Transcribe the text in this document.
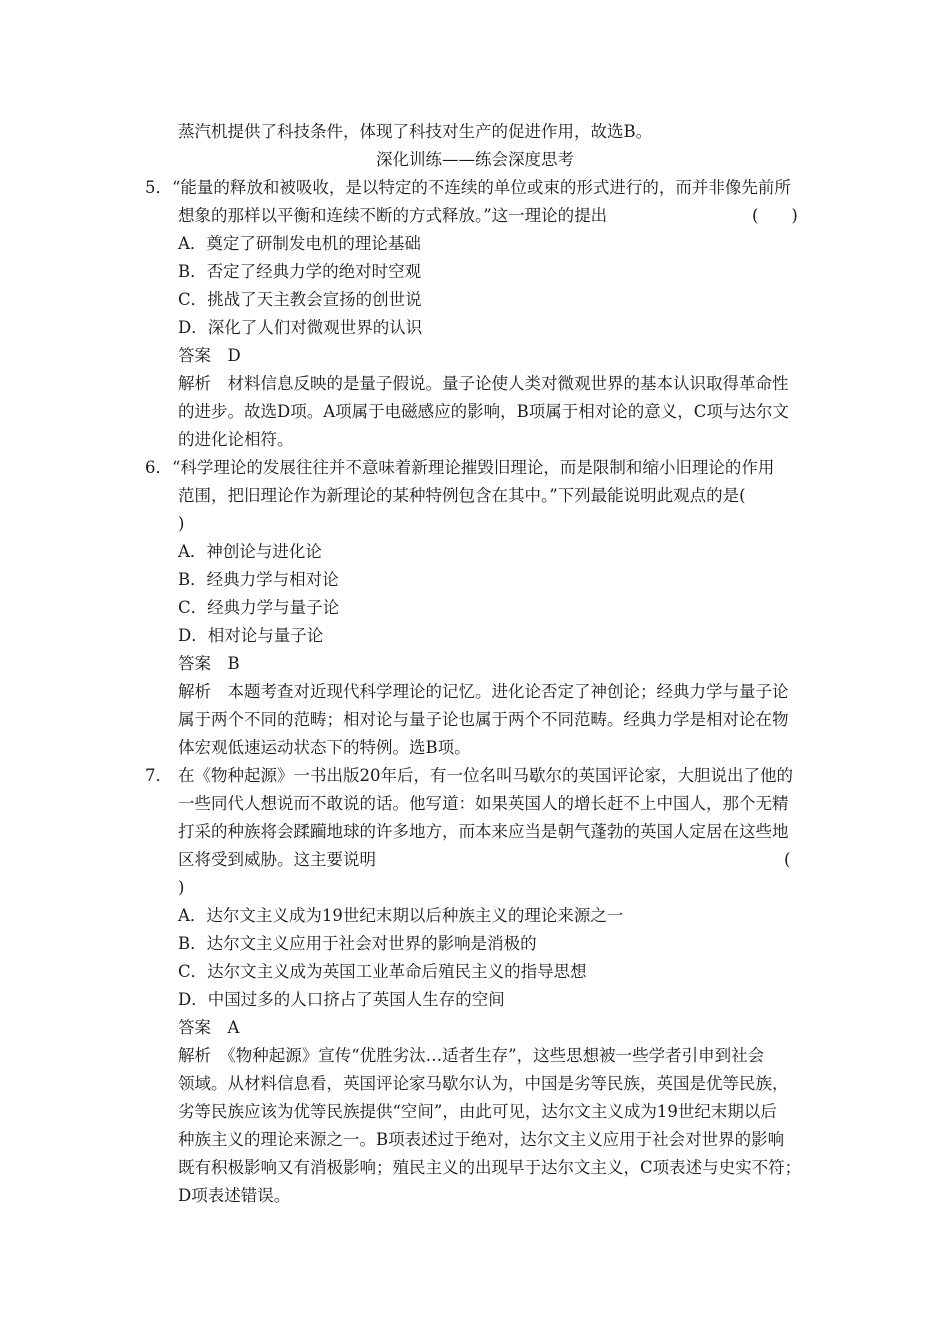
蒸汽机提供了科技条件，体现了科技对生产的促进作用，故选B。
深化训练——练会深度思考
5． “能量的释放和被吸收，是以特定的不连续的单位或束的形式进行的，而并非像先前所
想象的那样以平衡和连续不断的方式释放。”这一理论的提出	(　　)
A．奠定了研制发电机的理论基础
B．否定了经典力学的绝对时空观
C．挑战了天主教会宣扬的创世说
D．深化了人们对微观世界的认识
答案　D
解析　材料信息反映的是量子假说。量子论使人类对微观世界的基本认识取得革命性
的进步。故选D项。A项属于电磁感应的影响，B项属于相对论的意义，C项与达尔文
的进化论相符。
6． “科学理论的发展往往并不意味着新理论摧毁旧理论，而是限制和缩小旧理论的作用
范围，把旧理论作为新理论的某种特例包含在其中。”下列最能说明此观点的是(
)
A．神创论与进化论
B．经典力学与相对论
C．经典力学与量子论
D．相对论与量子论
答案　B
解析　本题考查对近现代科学理论的记忆。进化论否定了神创论；经典力学与量子论
属于两个不同的范畴；相对论与量子论也属于两个不同范畴。经典力学是相对论在物
体宏观低速运动状态下的特例。选B项。
7． 在《物种起源》一书出版20年后，有一位名叫马歇尔的英国评论家，大胆说出了他的
一些同代人想说而不敢说的话。他写道：如果英国人的增长赶不上中国人，那个无精
打采的种族将会蹂躏地球的许多地方，而本来应当是朝气蓬勃的英国人定居在这些地
区将受到威胁。这主要说明	(
)
A．达尔文主义成为19世纪末期以后种族主义的理论来源之一
B．达尔文主义应用于社会对世界的影响是消极的
C．达尔文主义成为英国工业革命后殖民主义的指导思想
D．中国过多的人口挤占了英国人生存的空间
答案　A
解析　《物种起源》宣传“优胜劣汰…适者生存”，这些思想被一些学者引申到社会
领域。从材料信息看，英国评论家马歇尔认为，中国是劣等民族，英国是优等民族，
劣等民族应该为优等民族提供“空间”，由此可见，达尔文主义成为19世纪末期以后
种族主义的理论来源之一。B项表述过于绝对，达尔文主义应用于社会对世界的影响
既有积极影响又有消极影响；殖民主义的出现早于达尔文主义，C项表述与史实不符；
D项表述错误。
